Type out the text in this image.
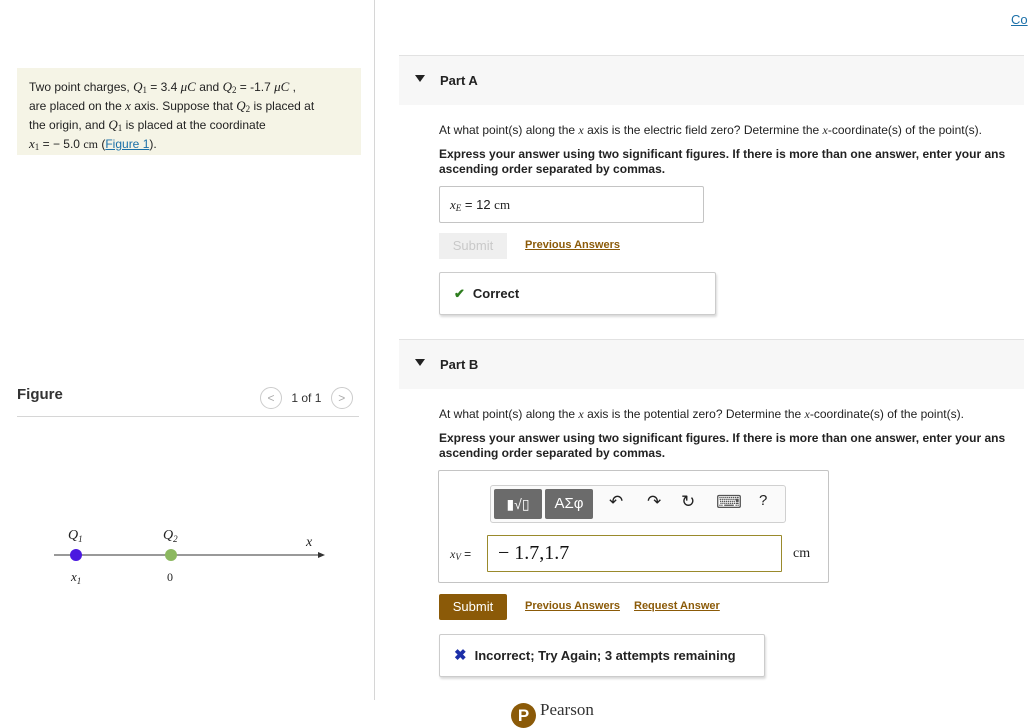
Co
Two point charges, $Q_1 = 3.4$ μC and $Q_2 = -1.7$ μC ,
are placed on the x axis. Suppose that $Q_2$ is placed at
the origin, and $Q_1$ is placed at the coordinate
$x_1$ = − 5.0 cm (Figure 1).
Figure	< 1 of 1 >
$Q_1$	$Q_2$	x
$x_1$	0
Part A
At what point(s) along the x axis is the electric field zero? Determine the x-coordinate(s) of the point(s).
Express your answer using two significant figures. If there is more than one answer, enter your ans
ascending order separated by commas.
xE = 12 cm
Submit	Previous Answers
✔ Correct
Part B
At what point(s) along the x axis is the potential zero? Determine the x-coordinate(s) of the point(s).
Express your answer using two significant figures. If there is more than one answer, enter your ans
ascending order separated by commas.
▮√▯	ΑΣφ	↶ ↷ ↻ ⌨ ?
xV =	− 1.7,1.7	cm
Submit	Previous Answers Request Answer
✖ Incorrect; Try Again; 3 attempts remaining
P Pearson
